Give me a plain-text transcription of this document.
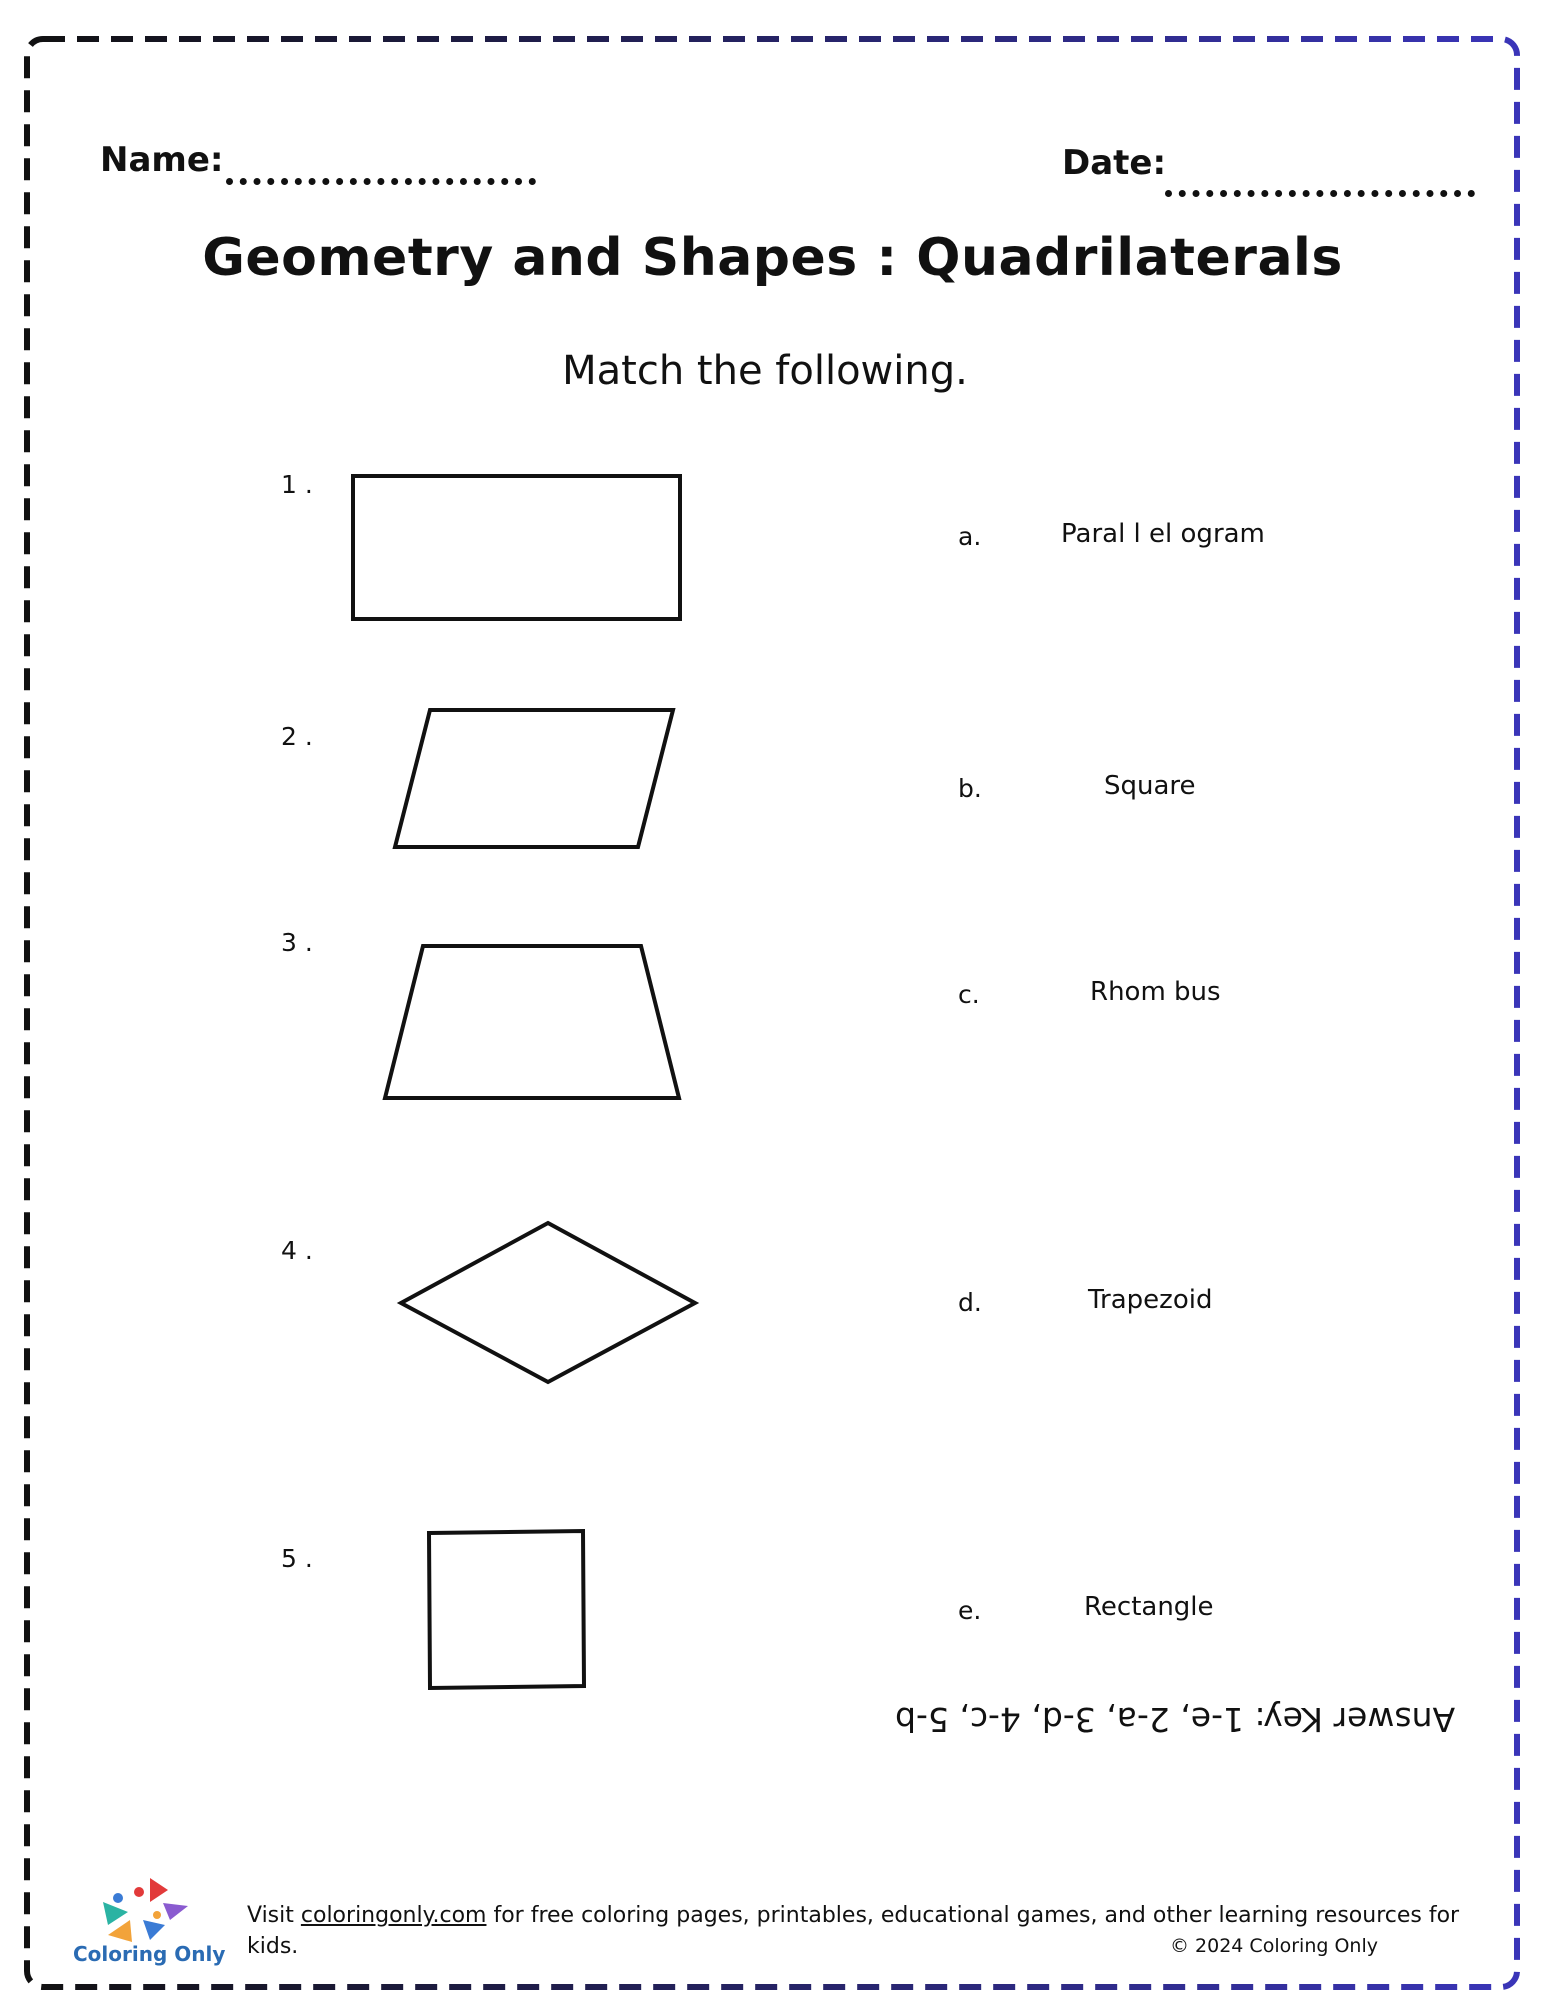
Name:	Date:
Geometry and Shapes : Quadrilaterals
Match the following.
1 .
2 .
3 .
4 .
5 .
a.
b.
c.
d.
e.
Paral l el ogram
Square
Rhom bus
Trapezoid
Rectangle
Answer Key: 1-e, 2-a, 3-d, 4-c, 5-b
Coloring Only
Visit coloringonly.com for free coloring pages, printables, educational games, and other learning resources for
kids.	© 2024 Coloring Only
